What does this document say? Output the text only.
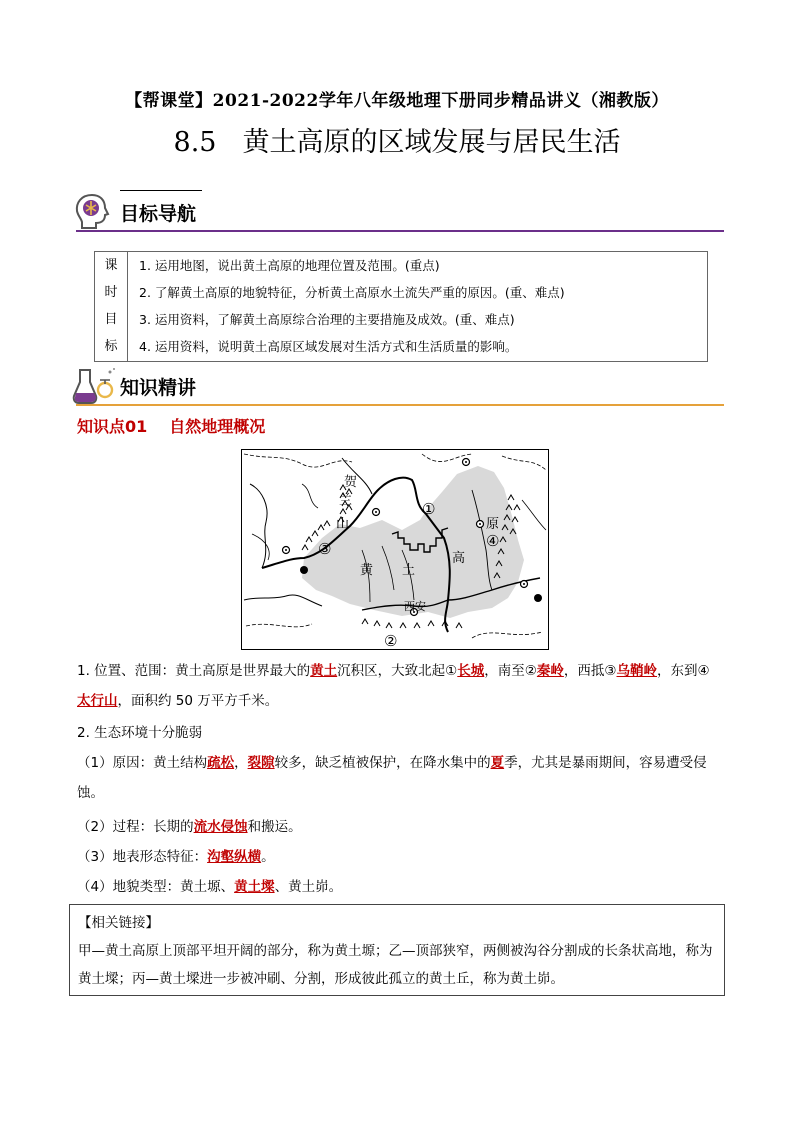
【帮课堂】2021-2022学年八年级地理下册同步精品讲义（湘教版）
8.5 黄土高原的区域发展与居民生活
目标导航
课
时
目
标
1. 运用地图，说出黄土高原的地理位置及范围。(重点)
2. 了解黄土高原的地貌特征，分析黄土高原水土流失严重的原因。(重、难点)
3. 运用资料，了解黄土高原综合治理的主要措施及成效。(重、难点)
4. 运用资料，说明黄土高原区域发展对生活方式和生活质量的影响。
知识精讲
知识点01 自然地理概况
贺
兰
山
黄 土
高
原
西安
①
②
③	④
1. 位置、范围：黄土高原是世界最大的黄土沉积区，大致北起①长城，南至②秦岭，西抵③乌鞘岭，东到④太行山，面积约 50 万平方千米。
2. 生态环境十分脆弱
（1）原因：黄土结构疏松，裂隙较多，缺乏植被保护，在降水集中的夏季，尤其是暴雨期间，容易遭受侵蚀。
（2）过程：长期的流水侵蚀和搬运。
（3）地表形态特征：沟壑纵横。
（4）地貌类型：黄土塬、黄土墚、黄土峁。
【相关链接】
甲—黄土高原上顶部平坦开阔的部分，称为黄土塬；乙—顶部狭窄，两侧被沟谷分割成的长条状高地，称为黄土墚；丙—黄土墚进一步被冲刷、分割，形成彼此孤立的黄土丘，称为黄土峁。
